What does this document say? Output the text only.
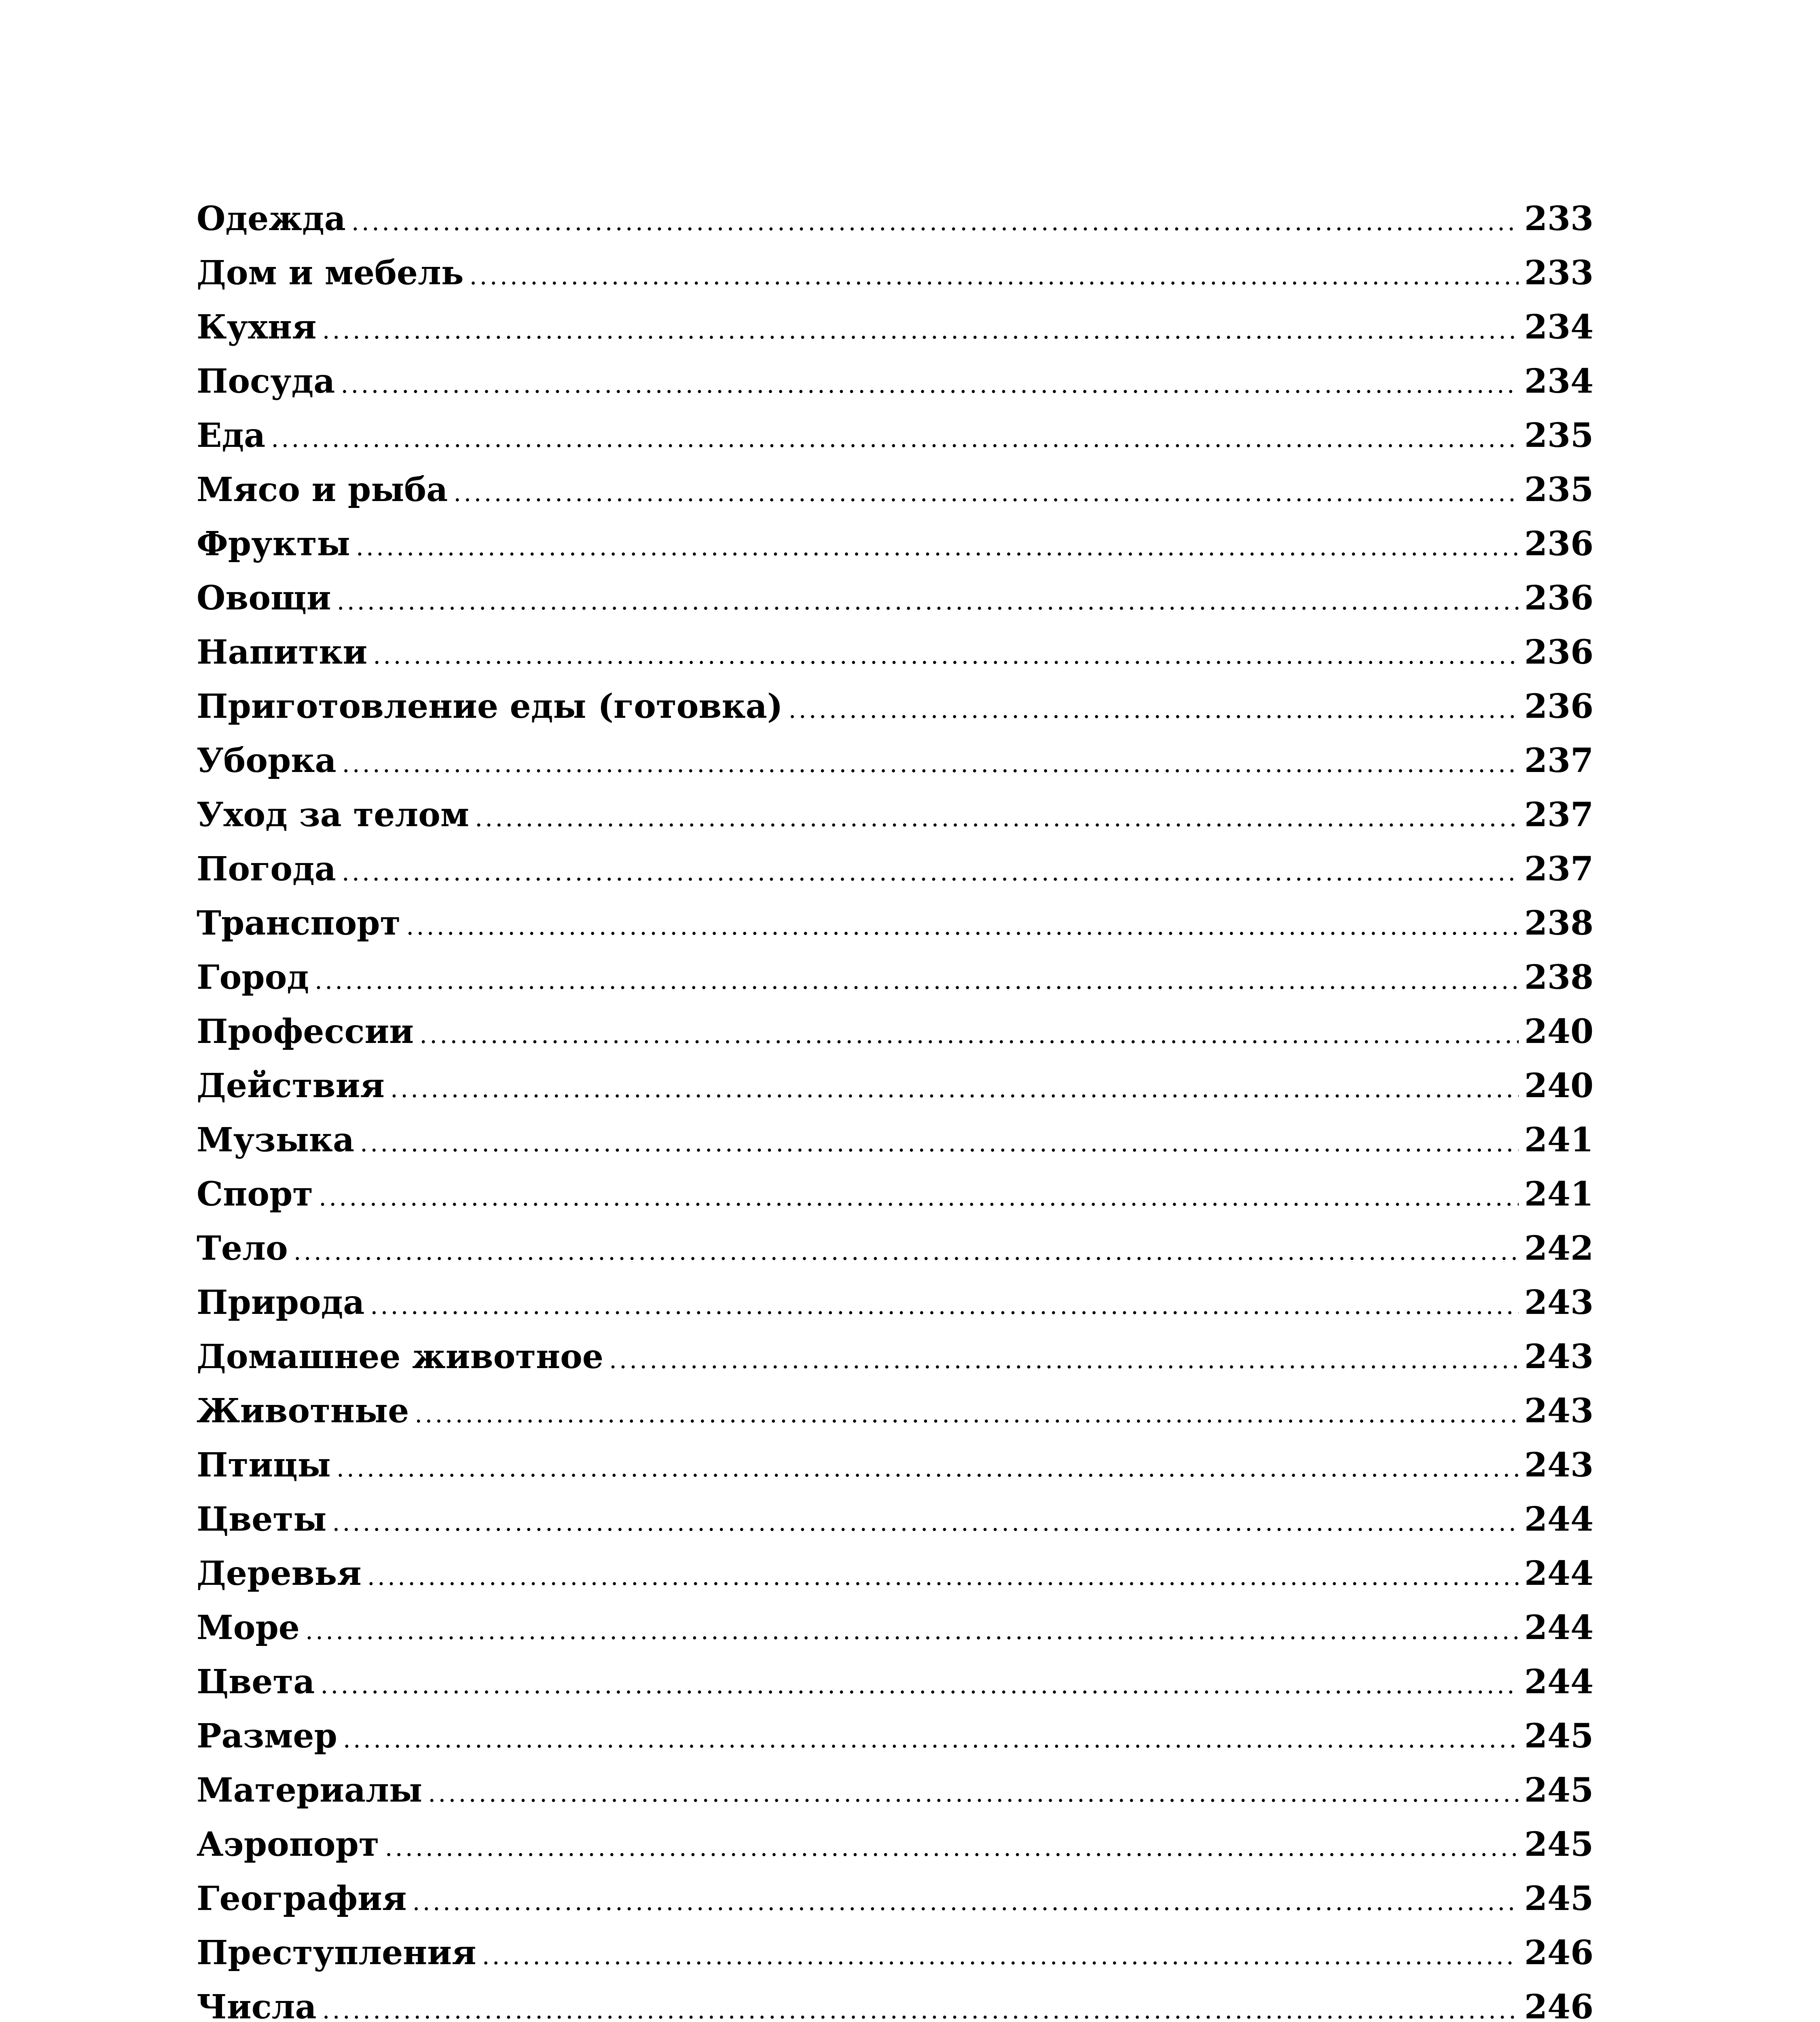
Одежда .....	233
Дом и мебель .....	233
Кухня .....	234
Посуда .....	234
Еда .....	235
Мясо и рыба .....	235
Фрукты .....	236
Овощи .....	236
Напитки .....	236
Приготовление еды (готовка) .....	236
Уборка .....	237
Уход за телом .....	237
Погода .....	237
Транспорт .....	238
Город .....	238
Профессии .....	240
Действия .....	240
Музыка .....	241
Спорт .....	241
Тело .....	242
Природа .....	243
Домашнее животное .....	243
Животные .....	243
Птицы .....	243
Цветы .....	244
Деревья .....	244
Море .....	244
Цвета .....	244
Размер .....	245
Материалы .....	245
Аэропорт .....	245
География .....	245
Преступления .....	246
Числа .....	246
